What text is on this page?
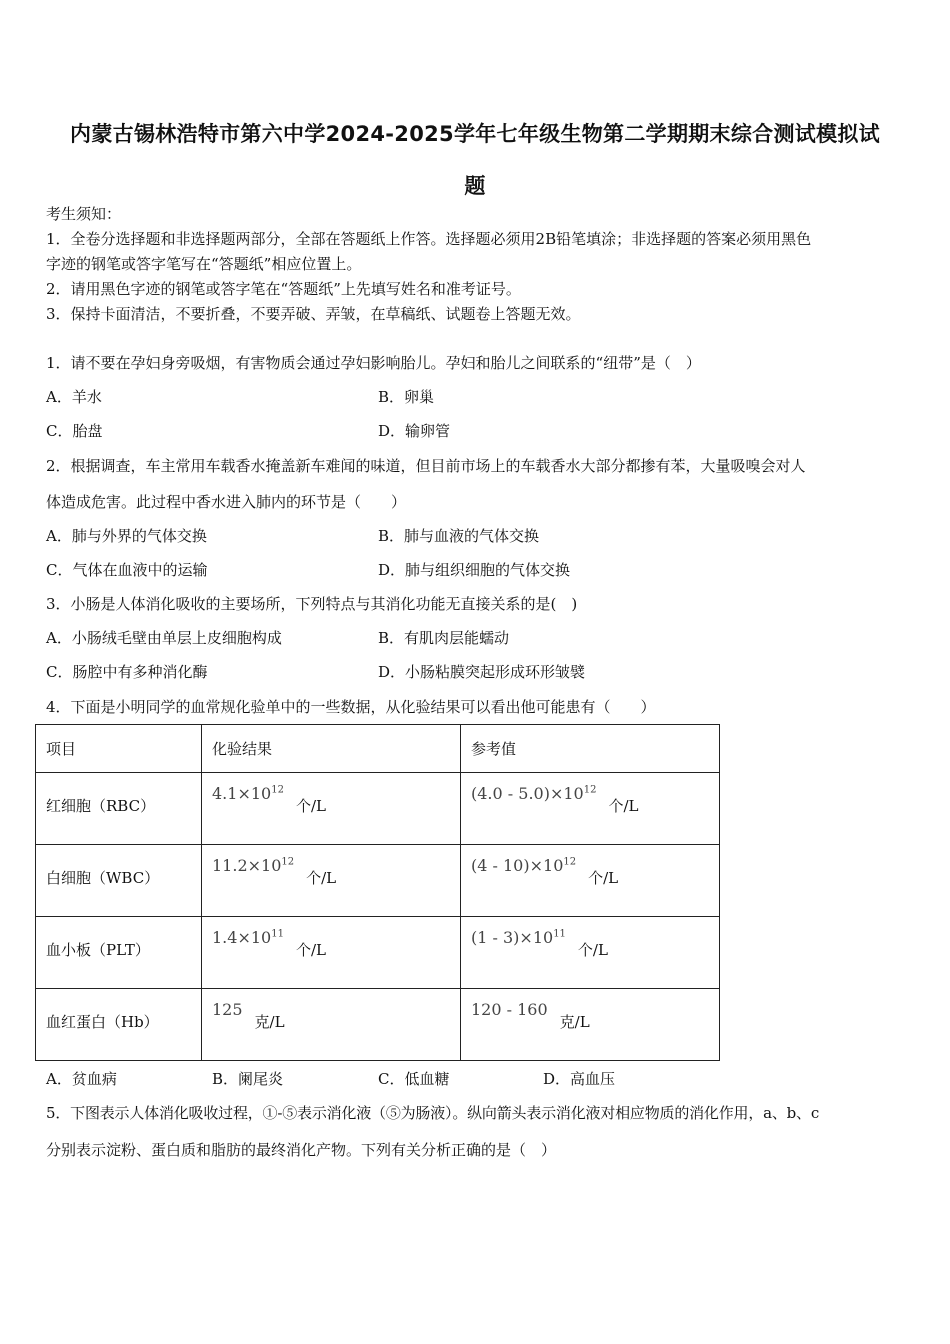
内蒙古锡林浩特市第六中学2024-2025学年七年级生物第二学期期末综合测试模拟试
题
考生须知：
1．全卷分选择题和非选择题两部分，全部在答题纸上作答。选择题必须用2B铅笔填涂；非选择题的答案必须用黑色
字迹的钢笔或答字笔写在“答题纸”相应位置上。
2．请用黑色字迹的钢笔或答字笔在“答题纸”上先填写姓名和准考证号。
3．保持卡面清洁，不要折叠，不要弄破、弄皱，在草稿纸、试题卷上答题无效。
1．请不要在孕妇身旁吸烟，有害物质会通过孕妇影响胎儿。孕妇和胎儿之间联系的“纽带”是（　）
A．羊水	B．卵巢
C．胎盘	D．输卵管
2．根据调查，车主常用车载香水掩盖新车难闻的味道，但目前市场上的车载香水大部分都掺有苯，大量吸嗅会对人
体造成危害。此过程中香水进入肺内的环节是（　　）
A．肺与外界的气体交换	B．肺与血液的气体交换
C．气体在血液中的运输	D．肺与组织细胞的气体交换
3．小肠是人体消化吸收的主要场所，下列特点与其消化功能无直接关系的是(　)
A．小肠绒毛壁由单层上皮细胞构成	B．有肌肉层能蠕动
C．肠腔中有多种消化酶	D．小肠粘膜突起形成环形皱襞
4．下面是小明同学的血常规化验单中的一些数据，从化验结果可以看出他可能患有（　　）
项目	化验结果	参考值
红细胞（RBC）	$4.1\times 10^{12}$个/L	$(4.0 - 5.0)\times 10^{12}$个/L
白细胞（WBC）	$11.2\times 10^{12}$个/L	$(4 - 10)\times 10^{12}$个/L
血小板（PLT）	$1.4\times 10^{11}$个/L	$(1 - 3)\times 10^{11}$个/L
血红蛋白（Hb）	125克/L	120 - 160克/L
A．贫血病	B．阑尾炎	C．低血糖	D．高血压
5．下图表示人体消化吸收过程，①-⑤表示消化液（⑤为肠液）。纵向箭头表示消化液对相应物质的消化作用，a、b、c
分别表示淀粉、蛋白质和脂肪的最终消化产物。下列有关分析正确的是（　）
